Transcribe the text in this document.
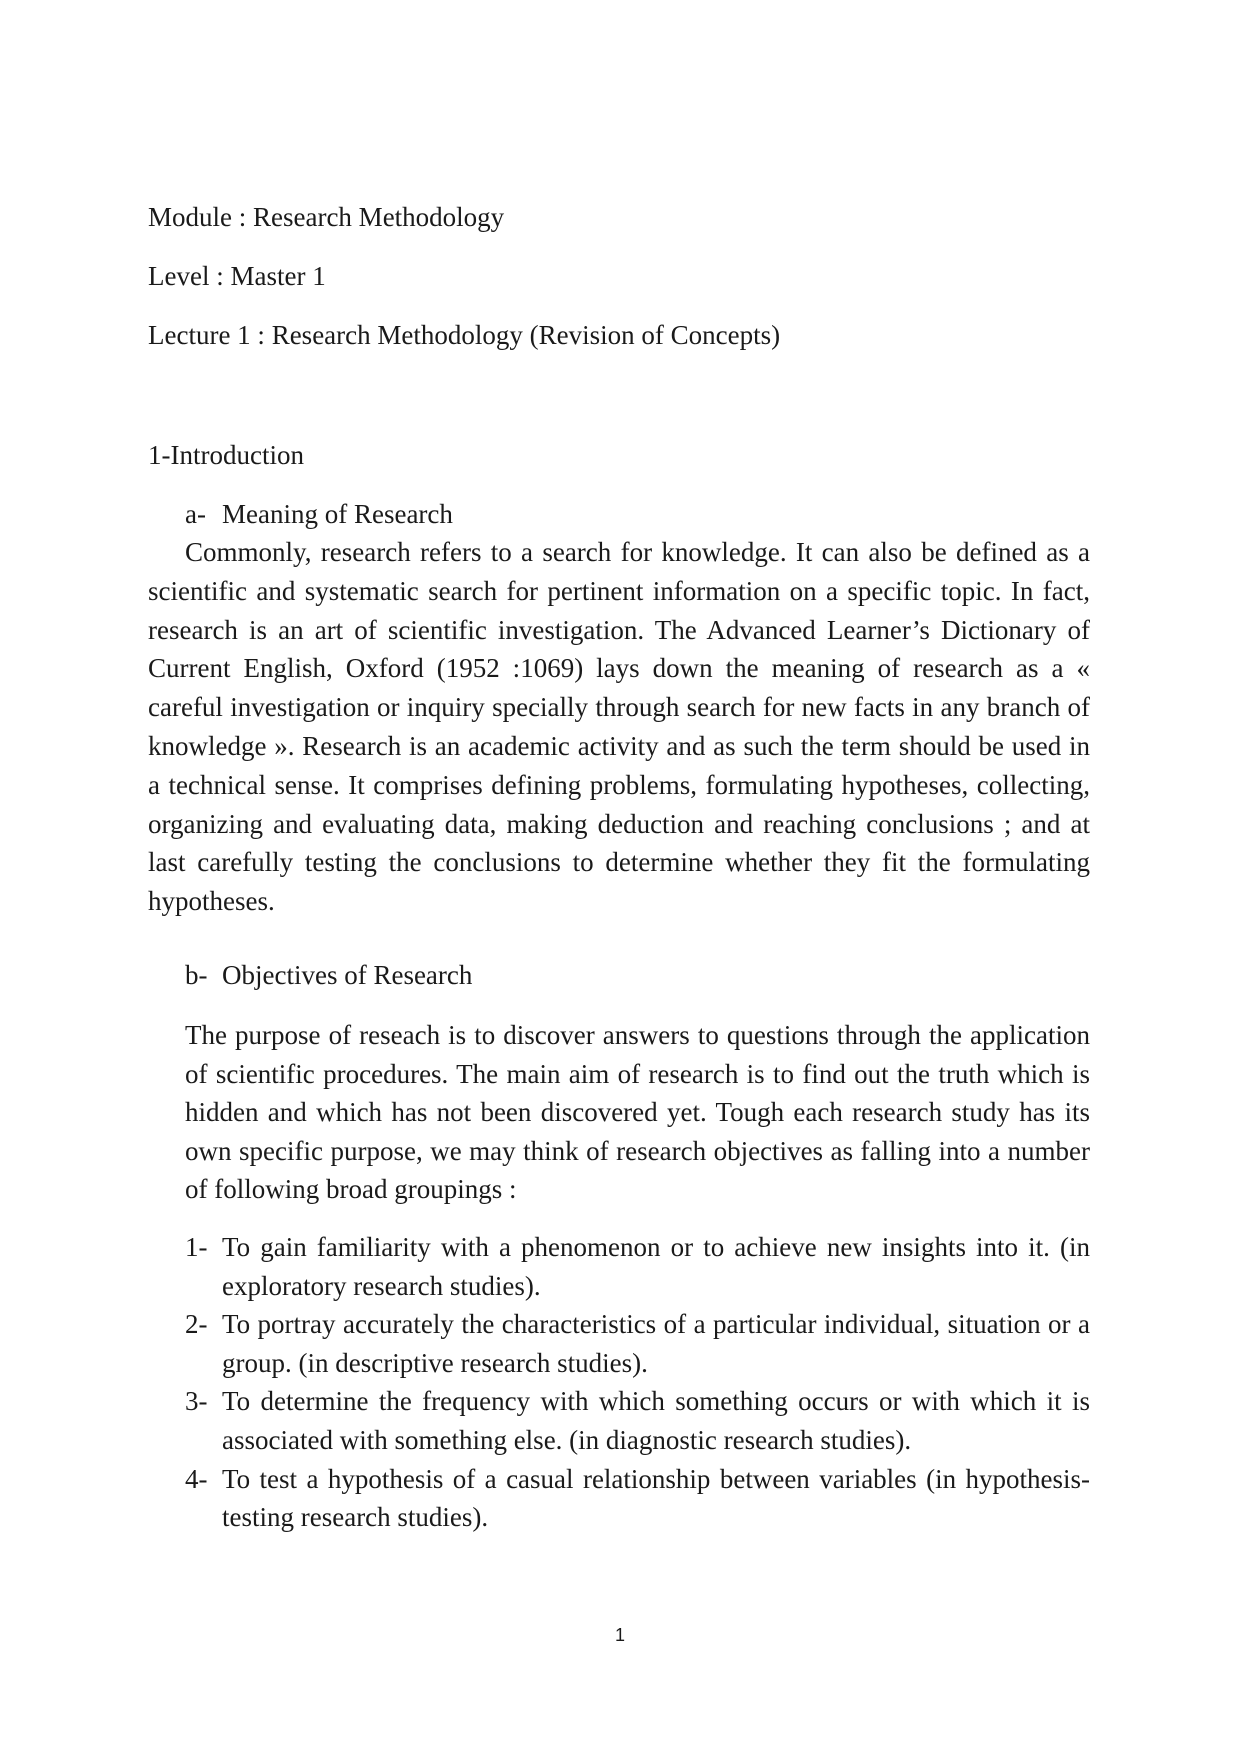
Module : Research Methodology
Level : Master 1
Lecture 1 : Research Methodology (Revision of Concepts)
1-Introduction
a- Meaning of Research
Commonly, research refers to a search for knowledge. It can also be defined as a scientific and systematic search for pertinent information on a specific topic. In fact, research is an art of scientific investigation. The Advanced Learner’s Dictionary of Current English, Oxford (1952 :1069) lays down the meaning of research as a « careful investigation or inquiry specially through search for new facts in any branch of knowledge ». Research is an academic activity and as such the term should be used in a technical sense. It comprises defining problems, formulating hypotheses, collecting, organizing and evaluating data, making deduction and reaching conclusions ; and at last carefully testing the conclusions to determine whether they fit the formulating hypotheses.
b- Objectives of Research
The purpose of reseach is to discover answers to questions through the application of scientific procedures. The main aim of research is to find out the truth which is hidden and which has not been discovered yet. Tough each research study has its own specific purpose, we may think of research objectives as falling into a number of following broad groupings :
1- To gain familiarity with a phenomenon or to achieve new insights into it. (in exploratory research studies).
2- To portray accurately the characteristics of a particular individual, situation or a group. (in descriptive research studies).
3- To determine the frequency with which something occurs or with which it is associated with something else. (in diagnostic research studies).
4- To test a hypothesis of a casual relationship between variables (in hypothesis-testing research studies).
1
